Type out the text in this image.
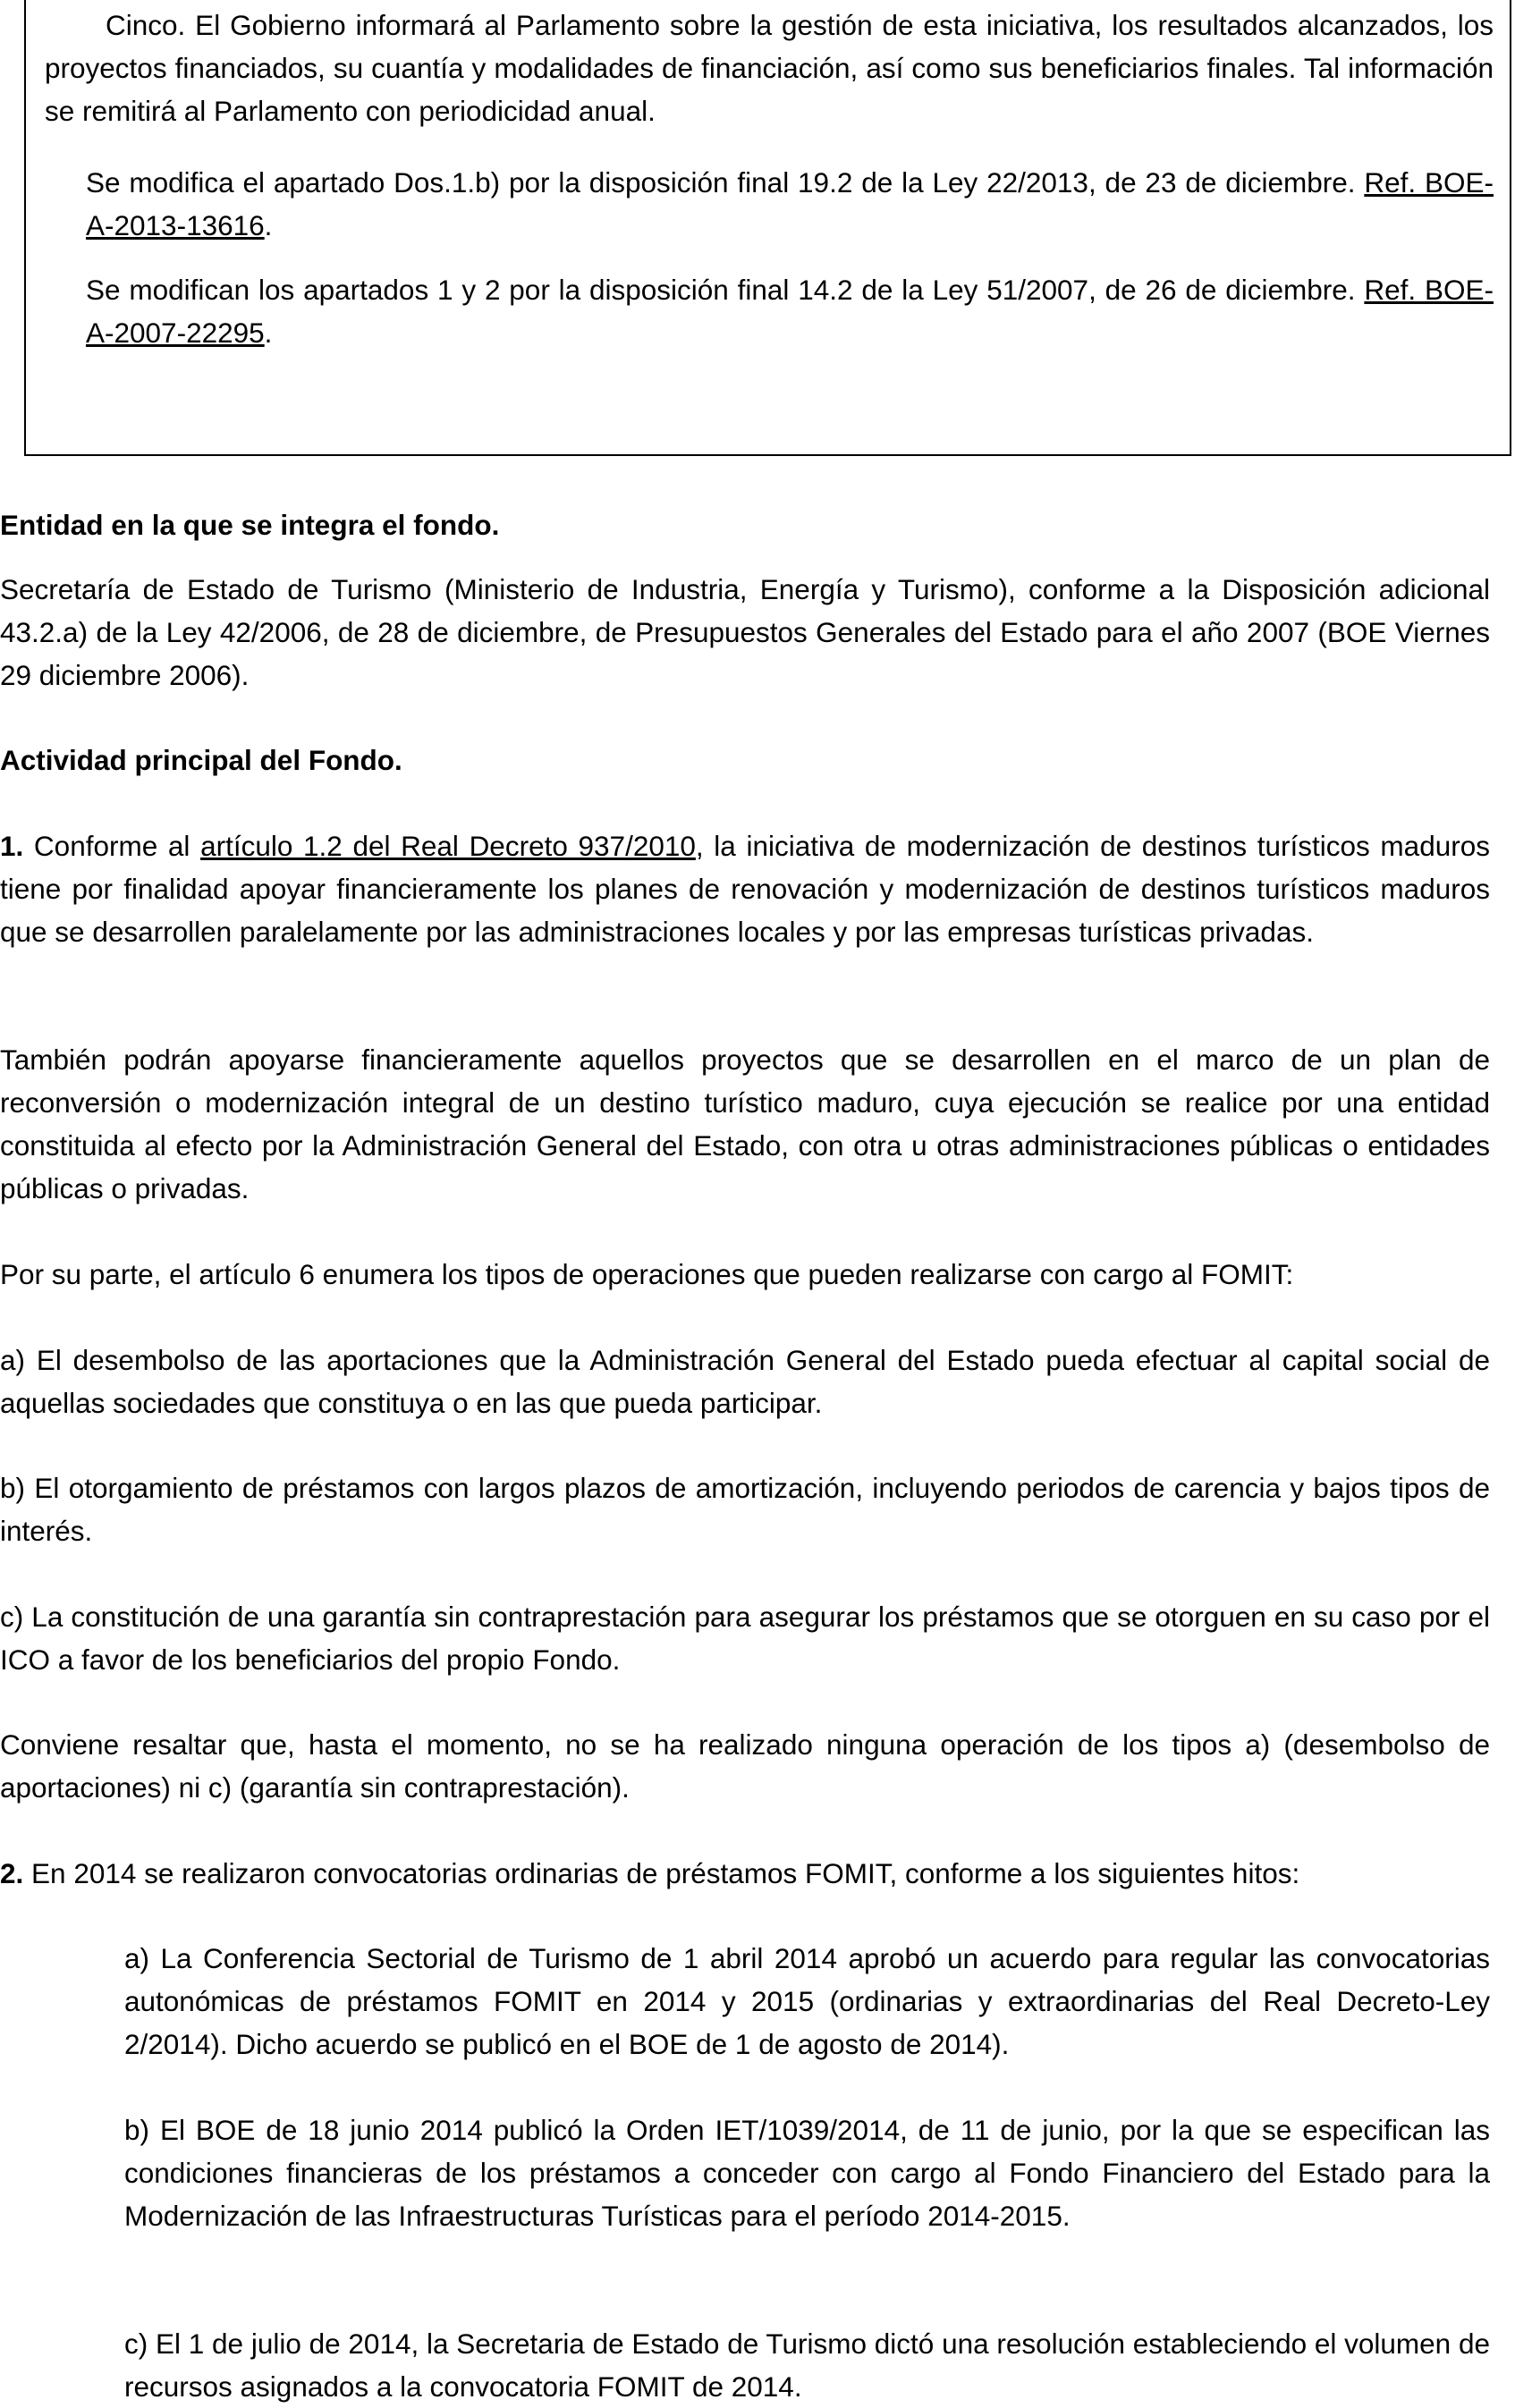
Cinco. El Gobierno informará al Parlamento sobre la gestión de esta iniciativa, los resultados alcanzados, los proyectos financiados, su cuantía y modalidades de financiación, así como sus beneficiarios finales. Tal información se remitirá al Parlamento con periodicidad anual.

Se modifica el apartado Dos.1.b) por la disposición final 19.2 de la Ley 22/2013, de 23 de diciembre. Ref. BOE-A-2013-13616.

Se modifican los apartados 1 y 2 por la disposición final 14.2 de la Ley 51/2007, de 26 de diciembre. Ref. BOE-A-2007-22295.

Entidad en la que se integra el fondo.

Secretaría de Estado de Turismo (Ministerio de Industria, Energía y Turismo), conforme a la Disposición adicional 43.2.a) de la Ley 42/2006, de 28 de diciembre, de Presupuestos Generales del Estado para el año 2007 (BOE Viernes 29 diciembre 2006).

Actividad principal del Fondo.

1. Conforme al artículo 1.2 del Real Decreto 937/2010, la iniciativa de modernización de destinos turísticos maduros tiene por finalidad apoyar financieramente los planes de renovación y modernización de destinos turísticos maduros que se desarrollen paralelamente por las administraciones locales y por las empresas turísticas privadas.

También podrán apoyarse financieramente aquellos proyectos que se desarrollen en el marco de un plan de reconversión o modernización integral de un destino turístico maduro, cuya ejecución se realice por una entidad constituida al efecto por la Administración General del Estado, con otra u otras administraciones públicas o entidades públicas o privadas.

Por su parte, el artículo 6 enumera los tipos de operaciones que pueden realizarse con cargo al FOMIT:

a) El desembolso de las aportaciones que la Administración General del Estado pueda efectuar al capital social de aquellas sociedades que constituya o en las que pueda participar.

b) El otorgamiento de préstamos con largos plazos de amortización, incluyendo periodos de carencia y bajos tipos de interés.

c) La constitución de una garantía sin contraprestación para asegurar los préstamos que se otorguen en su caso por el ICO a favor de los beneficiarios del propio Fondo.

Conviene resaltar que, hasta el momento, no se ha realizado ninguna operación de los tipos a) (desembolso de aportaciones) ni c) (garantía sin contraprestación).

2. En 2014 se realizaron convocatorias ordinarias de préstamos FOMIT, conforme a los siguientes hitos:

a) La Conferencia Sectorial de Turismo de 1 abril 2014 aprobó un acuerdo para regular las convocatorias autonómicas de préstamos FOMIT en 2014 y 2015 (ordinarias y extraordinarias del Real Decreto-Ley 2/2014). Dicho acuerdo se publicó en el BOE de 1 de agosto de 2014).

b) El BOE de 18 junio 2014 publicó la Orden IET/1039/2014, de 11 de junio, por la que se especifican las condiciones financieras de los préstamos a conceder con cargo al Fondo Financiero del Estado para la Modernización de las Infraestructuras Turísticas para el período 2014-2015.

c) El 1 de julio de 2014, la Secretaria de Estado de Turismo dictó una resolución estableciendo el volumen de recursos asignados a la convocatoria FOMIT de 2014.
